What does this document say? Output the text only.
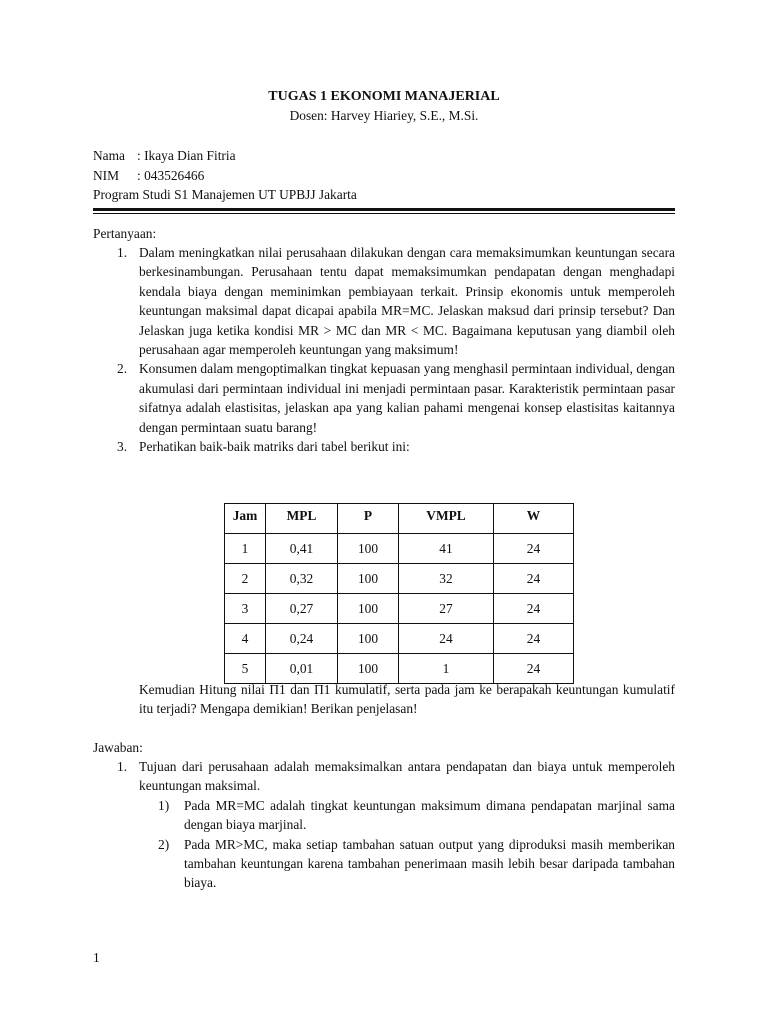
TUGAS 1 EKONOMI MANAJERIAL
Dosen: Harvey Hiariey, S.E., M.Si.
Nama : Ikaya Dian Fitria
NIM : 043526466
Program Studi S1 Manajemen UT UPBJJ Jakarta
Pertanyaan:
1. Dalam meningkatkan nilai perusahaan dilakukan dengan cara memaksimumkan keuntungan secara berkesinambungan. Perusahaan tentu dapat memaksimumkan pendapatan dengan menghadapi kendala biaya dengan meminimkan pembiayaan terkait. Prinsip ekonomis untuk memperoleh keuntungan maksimal dapat dicapai apabila MR=MC. Jelaskan maksud dari prinsip tersebut? Dan Jelaskan juga ketika kondisi MR > MC dan MR < MC. Bagaimana keputusan yang diambil oleh perusahaan agar memperoleh keuntungan yang maksimum!
2. Konsumen dalam mengoptimalkan tingkat kepuasan yang menghasil permintaan individual, dengan akumulasi dari permintaan individual ini menjadi permintaan pasar. Karakteristik permintaan pasar sifatnya adalah elastisitas, jelaskan apa yang kalian pahami mengenai konsep elastisitas kaitannya dengan permintaan suatu barang!
3. Perhatikan baik-baik matriks dari tabel berikut ini:
Jam	MPL	P	VMPL	W
1	0,41	100	41	24
2	0,32	100	32	24
3	0,27	100	27	24
4	0,24	100	24	24
5	0,01	100	1	24
Kemudian Hitung nilai Π1 dan Π1 kumulatif, serta pada jam ke berapakah keuntungan kumulatif itu terjadi? Mengapa demikian! Berikan penjelasan!
Jawaban:
1. Tujuan dari perusahaan adalah memaksimalkan antara pendapatan dan biaya untuk memperoleh keuntungan maksimal.
1) Pada MR=MC adalah tingkat keuntungan maksimum dimana pendapatan marjinal sama dengan biaya marjinal.
2) Pada MR>MC, maka setiap tambahan satuan output yang diproduksi masih memberikan tambahan keuntungan karena tambahan penerimaan masih lebih besar daripada tambahan biaya.
1
